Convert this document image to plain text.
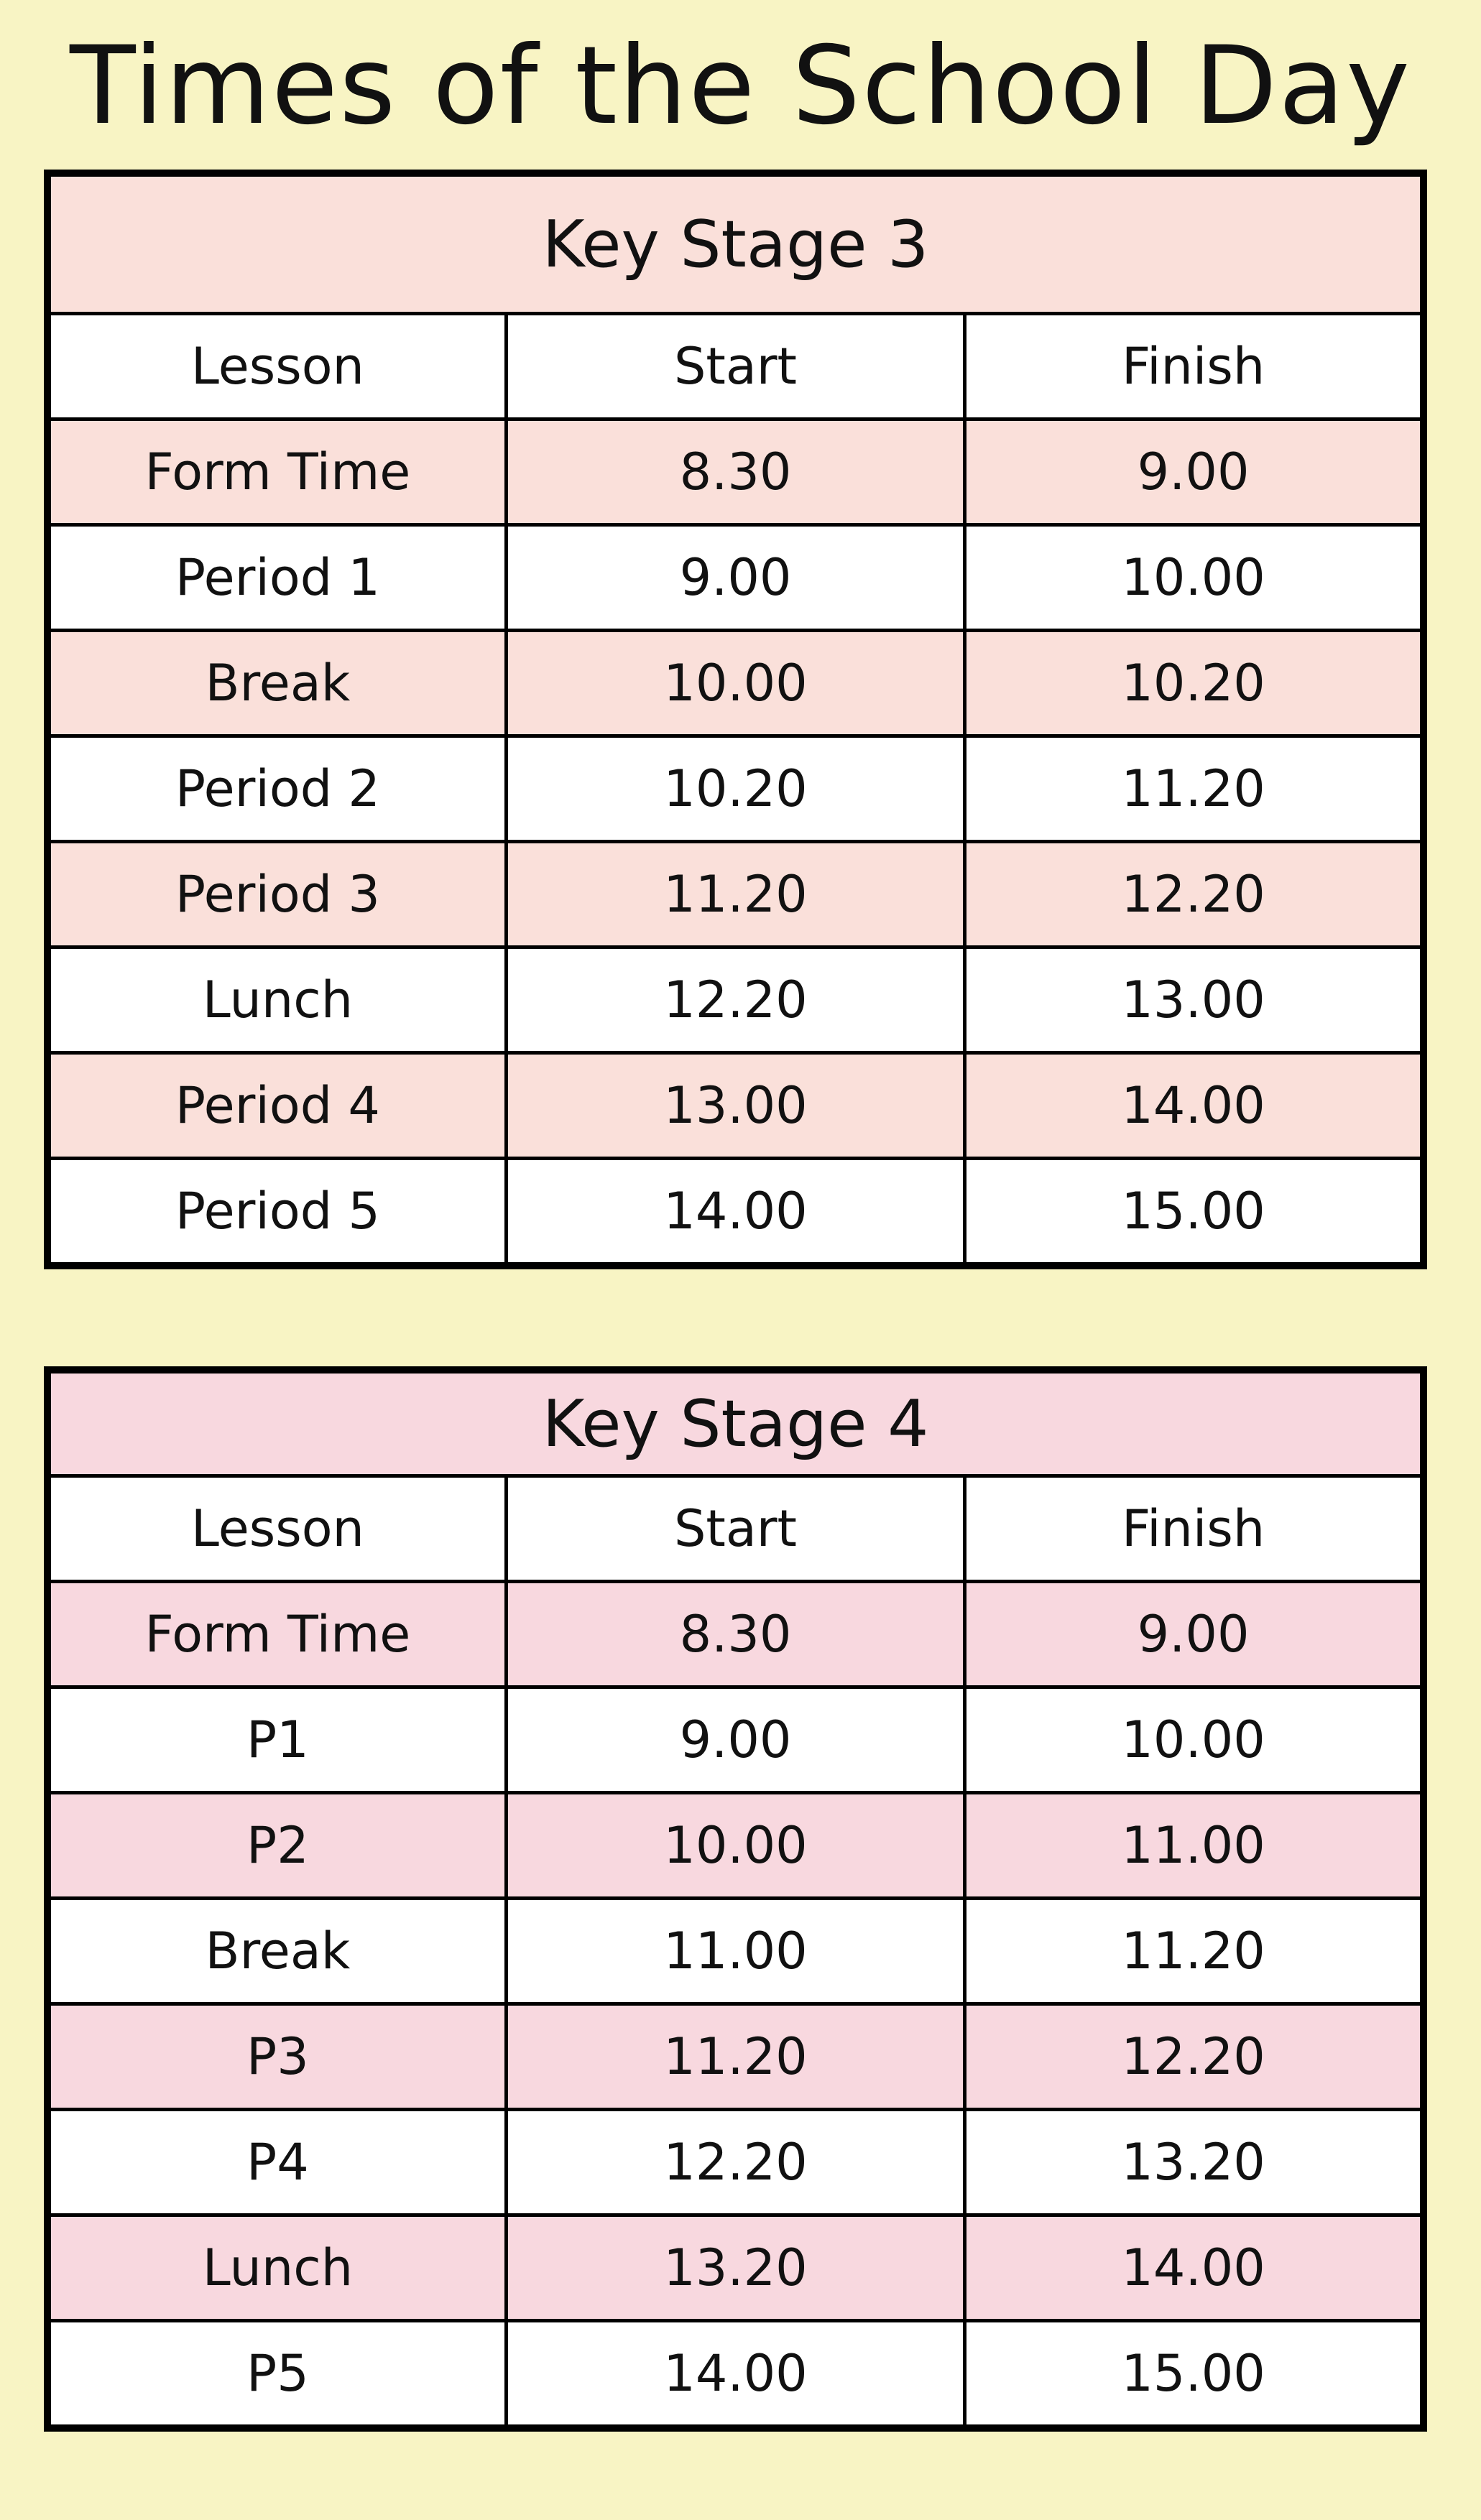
Times of the School Day
Key Stage 3		
Lesson	Start	Finish
Form Time	8.30	9.00
Period 1	9.00	10.00
Break	10.00	10.20
Period 2	10.20	11.20
Period 3	11.20	12.20
Lunch	12.20	13.00
Period 4	13.00	14.00
Period 5	14.00	15.00
Key Stage 4		
Lesson	Start	Finish
Form Time	8.30	9.00
P1	9.00	10.00
P2	10.00	11.00
Break	11.00	11.20
P3	11.20	12.20
P4	12.20	13.20
Lunch	13.20	14.00
P5	14.00	15.00
